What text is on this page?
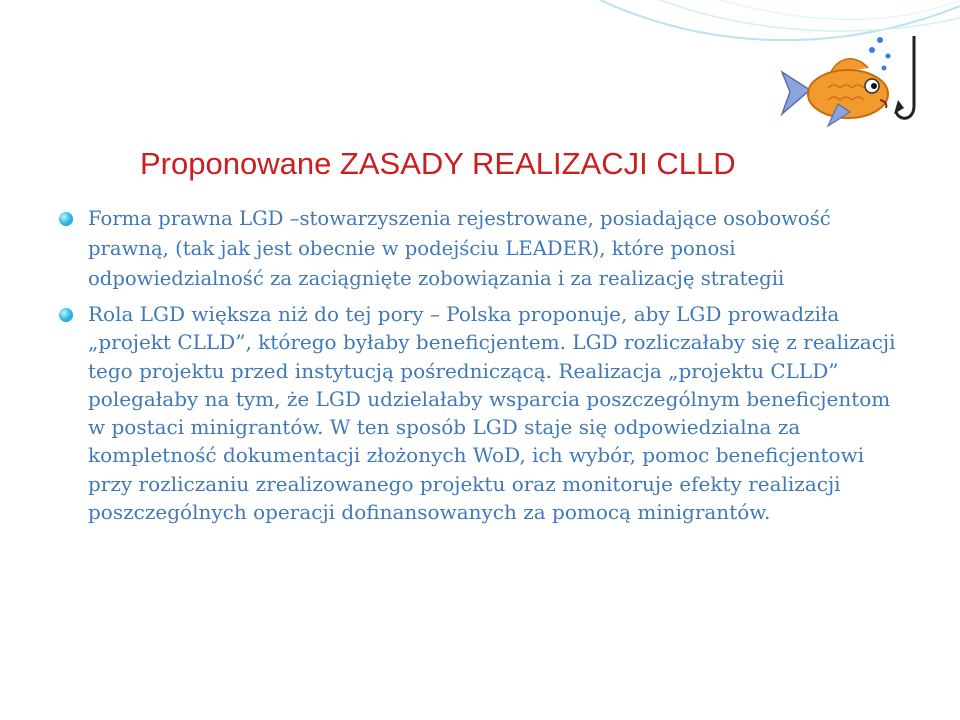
Proponowane ZASADY REALIZACJI CLLD
Forma prawna LGD –stowarzyszenia rejestrowane, posiadające osobowość prawną, (tak jak jest obecnie w podejściu LEADER), które ponosi odpowiedzialność za zaciągnięte zobowiązania i za realizację strategii
Rola LGD większa niż do tej pory – Polska proponuje, aby LGD prowadziła „projekt CLLD”, którego byłaby beneficjentem. LGD rozliczałaby się z realizacji tego projektu przed instytucją pośredniczącą. Realizacja „projektu CLLD” polegałaby na tym, że LGD udzielałaby wsparcia poszczególnym beneficjentom w postaci minigrantów. W ten sposób LGD staje się odpowiedzialna za kompletność dokumentacji złożonych WoD, ich wybór, pomoc beneficjentowi przy rozliczaniu zrealizowanego projektu oraz monitoruje efekty realizacji poszczególnych operacji dofinansowanych za pomocą minigrantów.
